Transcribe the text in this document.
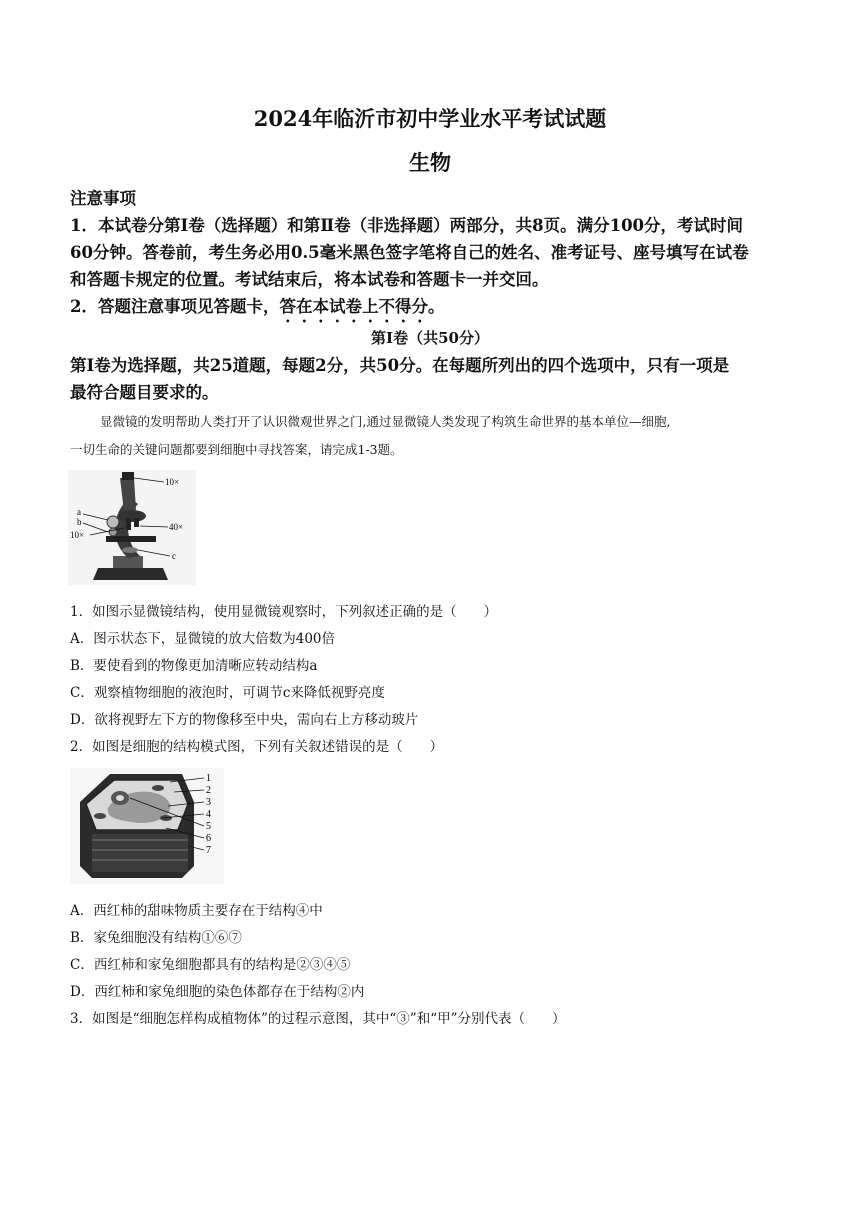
2024年临沂市初中学业水平考试试题
生物
注意事项
1．本试卷分第Ⅰ卷（选择题）和第Ⅱ卷（非选择题）两部分，共8页。满分100分，考试时间
60分钟。答卷前，考生务必用0.5毫米黑色签字笔将自己的姓名、准考证号、座号填写在试卷
和答题卡规定的位置。考试结束后，将本试卷和答题卡一并交回。
2．答题注意事项见答题卡，答在本试卷上不得分。
第Ⅰ卷（共50分）
第Ⅰ卷为选择题，共25道题，每题2分，共50分。在每题所列出的四个选项中，只有一项是
最符合题目要求的。
显微镜的发明帮助人类打开了认识微观世界之门,通过显微镜人类发现了构筑生命世界的基本单位—细胞,
一切生命的关键问题都要到细胞中寻找答案，请完成1-3题。
10×
a
b	40×
10×
c
1．如图示显微镜结构，使用显微镜观察时，下列叙述正确的是（　　）
A．图示状态下，显微镜的放大倍数为400倍
B．要使看到的物像更加清晰应转动结构a
C．观察植物细胞的液泡时，可调节c来降低视野亮度
D．欲将视野左下方的物像移至中央，需向右上方移动玻片
2．如图是细胞的结构模式图，下列有关叙述错误的是（　　）
1
2
3
4
5
6
7
A．西红柿的甜味物质主要存在于结构④中
B．家兔细胞没有结构①⑥⑦
C．西红柿和家兔细胞都具有的结构是②③④⑤
D．西红柿和家兔细胞的染色体都存在于结构②内
3．如图是“细胞怎样构成植物体”的过程示意图，其中“③”和“甲”分别代表（　　）
